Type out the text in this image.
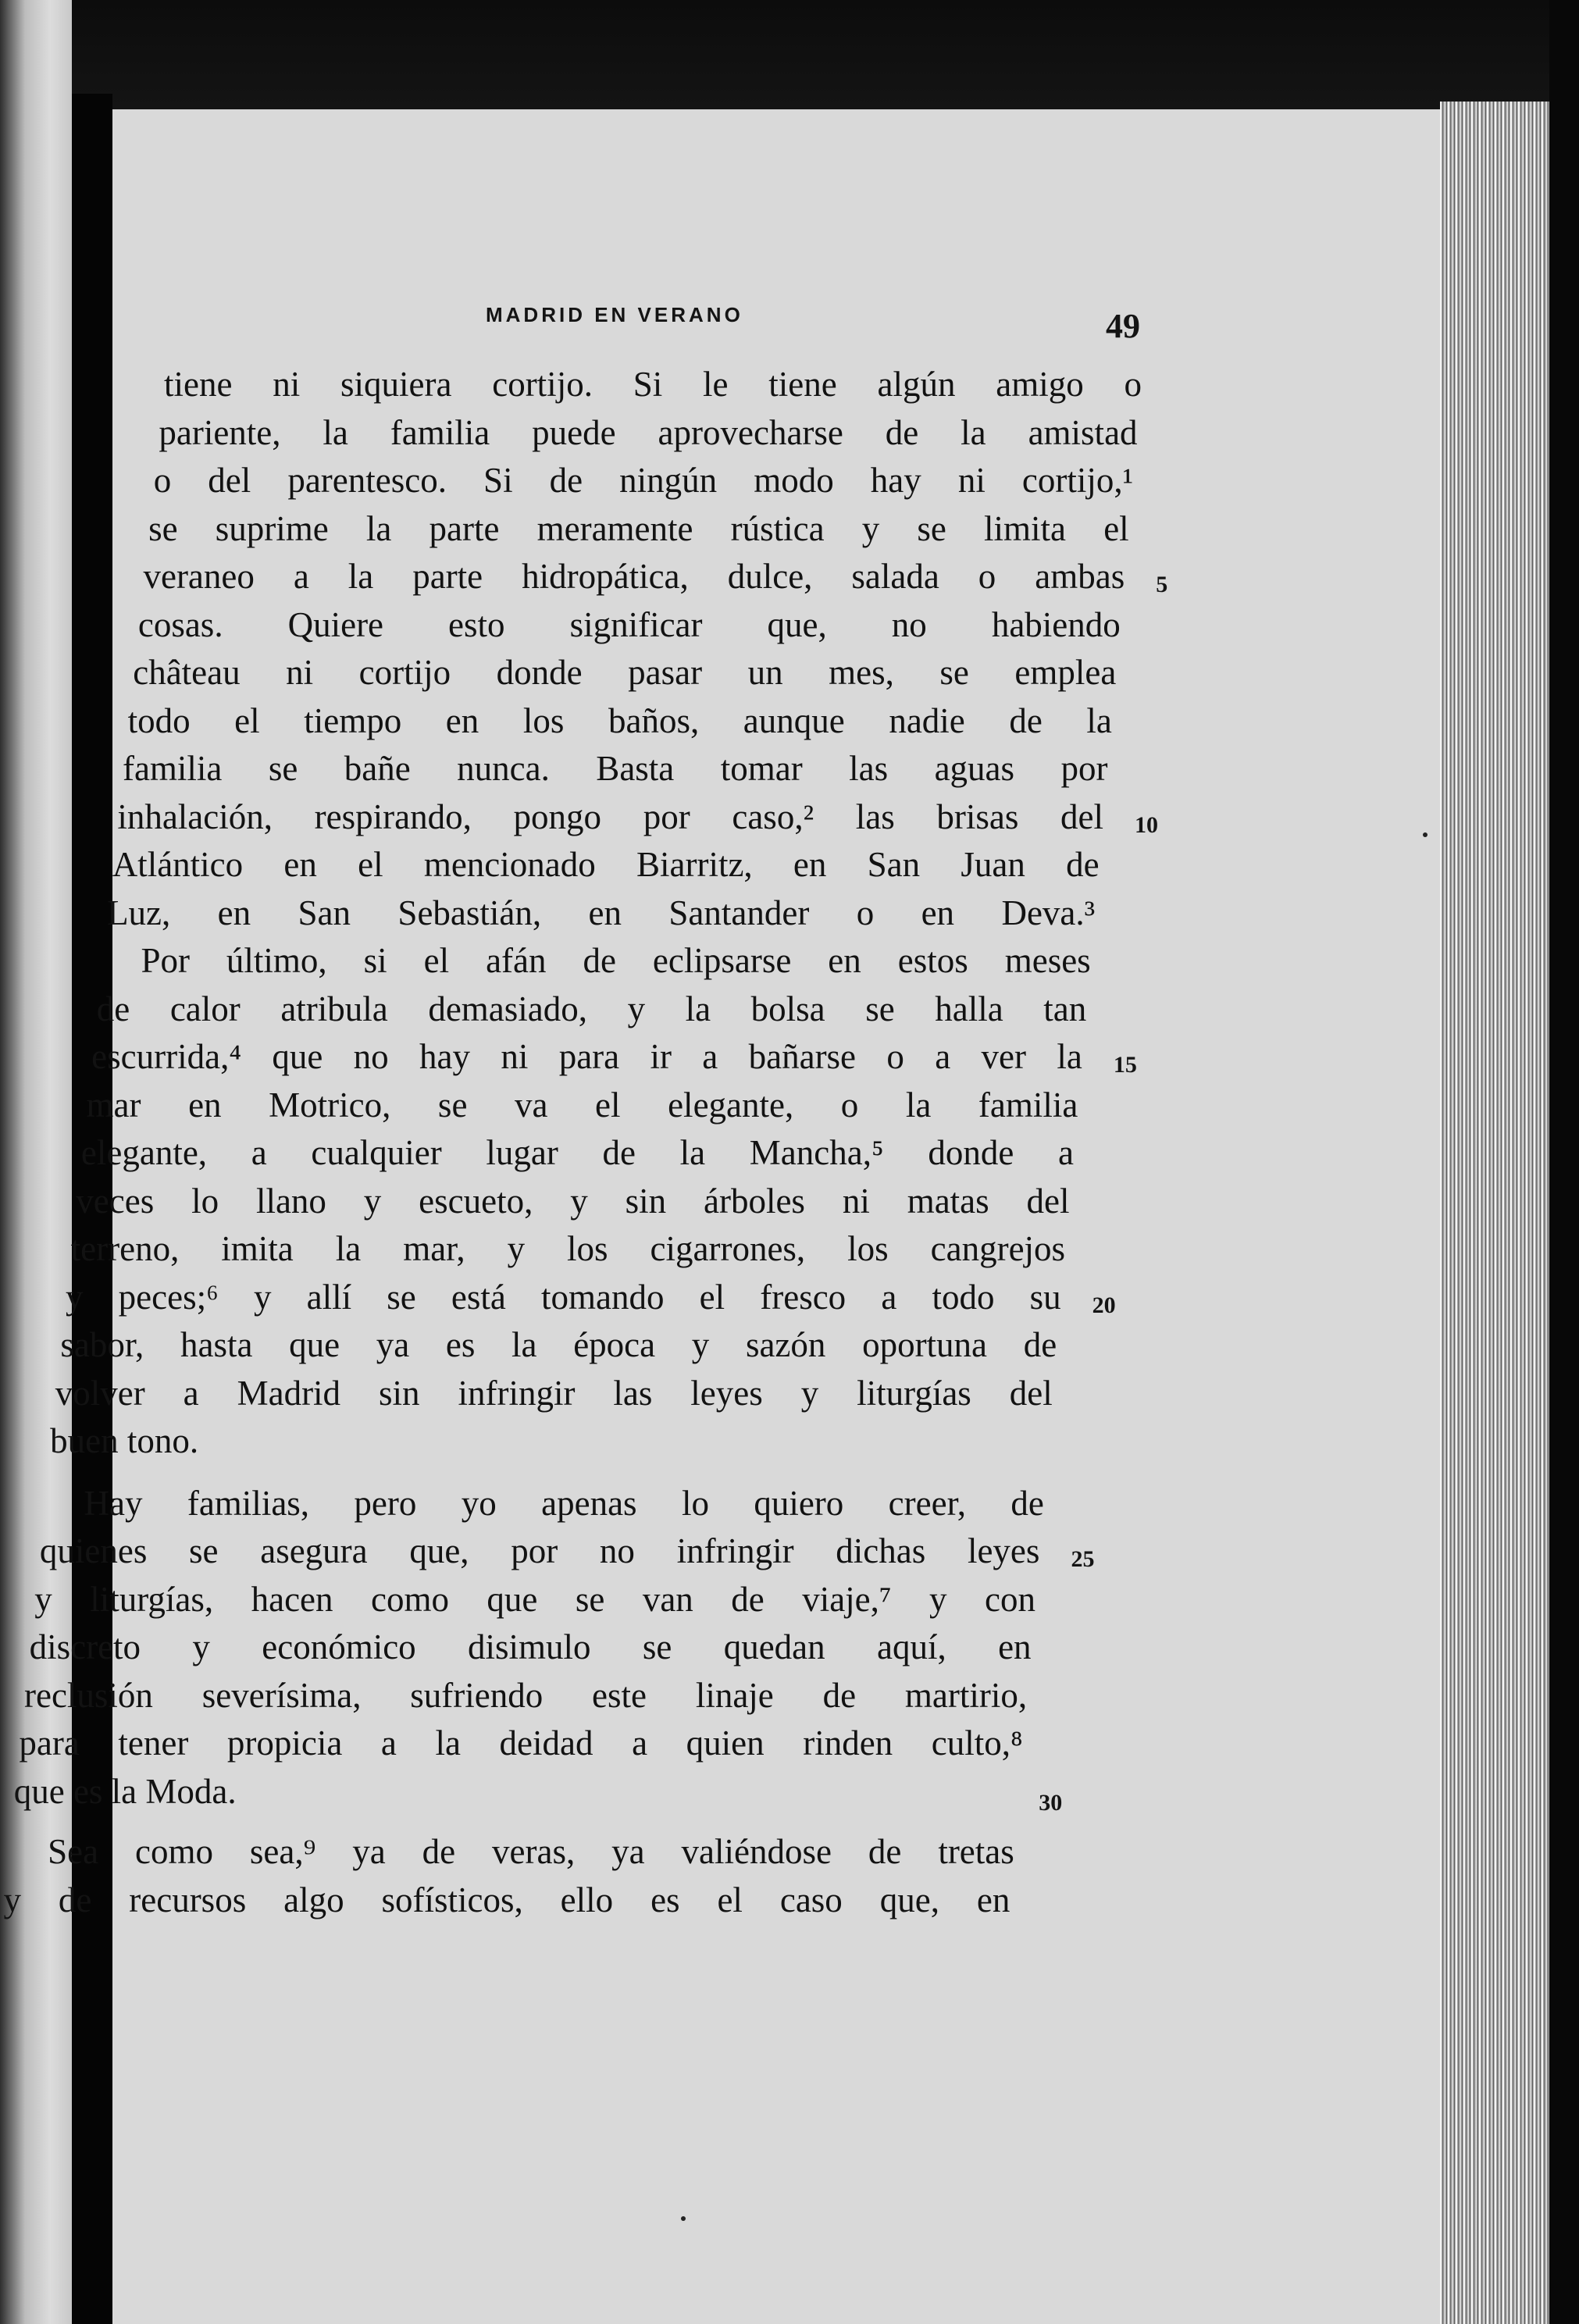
MADRID EN VERANO	49
tiene ni siquiera cortijo. Si le tiene algún amigo o
pariente, la familia puede aprovecharse de la amistad
o del parentesco. Si de ningún modo hay ni cortijo,¹
se suprime la parte meramente rústica y se limita el
veraneo a la parte hidropática, dulce, salada o ambas 5
cosas. Quiere esto significar que, no habiendo
château ni cortijo donde pasar un mes, se emplea
todo el tiempo en los baños, aunque nadie de la
familia se bañe nunca. Basta tomar las aguas por
inhalación, respirando, pongo por caso,² las brisas del 10
Atlántico en el mencionado Biarritz, en San Juan de
Luz, en San Sebastián, en Santander o en Deva.³
Por último, si el afán de eclipsarse en estos meses
de calor atribula demasiado, y la bolsa se halla tan
escurrida,⁴ que no hay ni para ir a bañarse o a ver la 15
mar en Motrico, se va el elegante, o la familia
elegante, a cualquier lugar de la Mancha,⁵ donde a
veces lo llano y escueto, y sin árboles ni matas del
terreno, imita la mar, y los cigarrones, los cangrejos
y peces;⁶ y allí se está tomando el fresco a todo su 20
sabor, hasta que ya es la época y sazón oportuna de
volver a Madrid sin infringir las leyes y liturgías del
buen tono.
Hay familias, pero yo apenas lo quiero creer, de
quienes se asegura que, por no infringir dichas leyes 25
y liturgías, hacen como que se van de viaje,⁷ y con
discreto y económico disimulo se quedan aquí, en
reclusión severísima, sufriendo este linaje de martirio,
para tener propicia a la deidad a quien rinden culto,⁸
que es la Moda.	30
Sea como sea,⁹ ya de veras, ya valiéndose de tretas
y de recursos algo sofísticos, ello es el caso que, en
